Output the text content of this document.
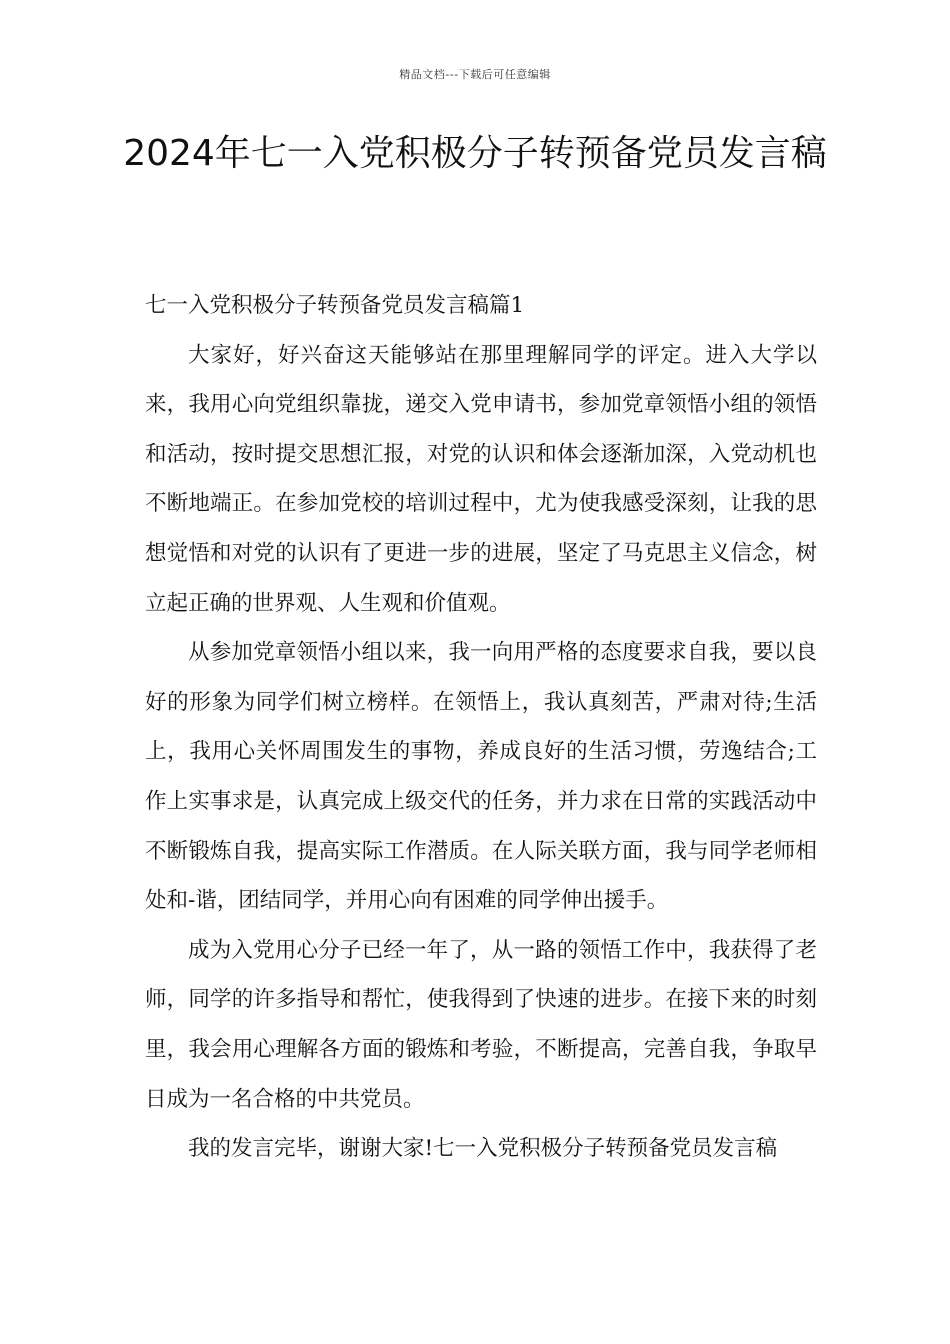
精品文档---下载后可任意编辑
2024年七一入党积极分子转预备党员发言稿

七一入党积极分子转预备党员发言稿篇1

大家好，好兴奋这天能够站在那里理解同学的评定。进入大学以来，我用心向党组织靠拢，递交入党申请书，参加党章领悟小组的领悟和活动，按时提交思想汇报，对党的认识和体会逐渐加深，入党动机也不断地端正。在参加党校的培训过程中，尤为使我感受深刻，让我的思想觉悟和对党的认识有了更进一步的进展，坚定了马克思主义信念，树立起正确的世界观、人生观和价值观。

从参加党章领悟小组以来，我一向用严格的态度要求自我，要以良好的形象为同学们树立榜样。在领悟上，我认真刻苦，严肃对待;生活上，我用心关怀周围发生的事物，养成良好的生活习惯，劳逸结合;工作上实事求是，认真完成上级交代的任务，并力求在日常的实践活动中不断锻炼自我，提高实际工作潜质。在人际关联方面，我与同学老师相处和-谐，团结同学，并用心向有困难的同学伸出援手。

成为入党用心分子已经一年了，从一路的领悟工作中，我获得了老师，同学的许多指导和帮忙，使我得到了快速的进步。在接下来的时刻里，我会用心理解各方面的锻炼和考验，不断提高，完善自我，争取早日成为一名合格的中共党员。

我的发言完毕，谢谢大家!七一入党积极分子转预备党员发言稿
